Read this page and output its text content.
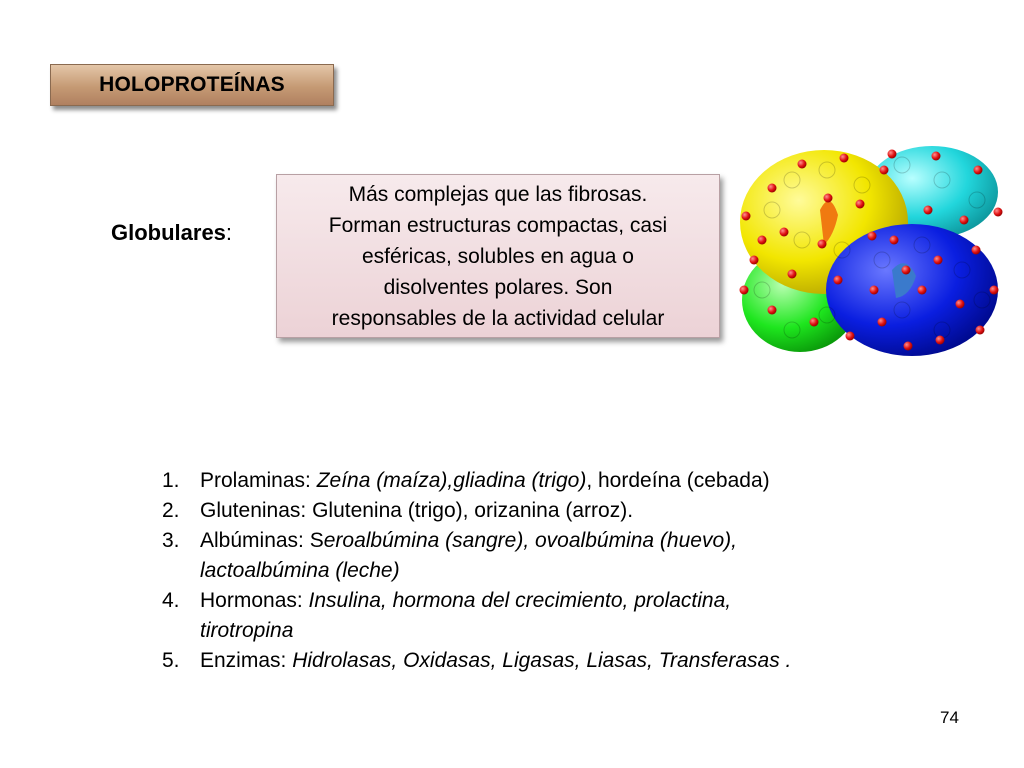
HOLOPROTEÍNAS
Globulares:
Más complejas que las fibrosas.
Forman estructuras compactas, casi
esféricas, solubles en agua o
disolventes polares. Son
responsables de la actividad celular
1. Prolaminas: Zeína (maíza),gliadina (trigo), hordeína (cebada)
2. Gluteninas: Glutenina (trigo), orizanina (arroz).
3. Albúminas: Seroalbúmina (sangre), ovoalbúmina (huevo),
lactoalbúmina (leche)
4. Hormonas: Insulina, hormona del crecimiento, prolactina,
tirotropina
5. Enzimas: Hidrolasas, Oxidasas, Ligasas, Liasas, Transferasas .
74
